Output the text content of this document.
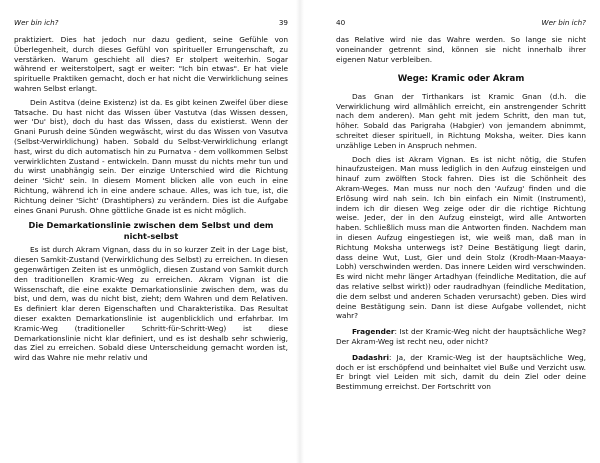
Wer bin ich?	39

praktiziert. Dies hat jedoch nur dazu gedient, seine Gefühle von Überlegenheit, durch dieses Gefühl von spiritueller Errungenschaft, zu verstärken. Warum geschieht all dies? Er stolpert weiterhin. Sogar während er weiterstolpert, sagt er weiter: "Ich bin etwas". Er hat viele spirituelle Praktiken gemacht, doch er hat nicht die Verwirklichung seines wahren Selbst erlangt.

Dein Astitva (deine Existenz) ist da. Es gibt keinen Zweifel über diese Tatsache. Du hast nicht das Wissen über Vastutva (das Wissen dessen, wer 'Du' bist), doch du hast das Wissen, dass du existierst. Wenn der Gnani Purush deine Sünden wegwäscht, wirst du das Wissen von Vasutva (Selbst-Verwirklichung) haben. Sobald du Selbst-Verwirklichung erlangt hast, wirst du dich automatisch hin zu Purnatva - dem vollkommen Selbst verwirklichten Zustand - entwickeln. Dann musst du nichts mehr tun und du wirst unabhängig sein. Der einzige Unterschied wird die Richtung deiner 'Sicht' sein. In diesem Moment blicken alle von euch in eine Richtung, während ich in eine andere schaue. Alles, was ich tue, ist, die Richtung deiner 'Sicht' (Drashtiphers) zu verändern. Dies ist die Aufgabe eines Gnani Purush. Ohne göttliche Gnade ist es nicht möglich.

Die Demarkationslinie zwischen dem Selbst und dem nicht-selbst

Es ist durch Akram Vignan, dass du in so kurzer Zeit in der Lage bist, diesen Samkit-Zustand (Verwirklichung des Selbst) zu erreichen. In diesen gegenwärtigen Zeiten ist es unmöglich, diesen Zustand von Samkit durch den traditionellen Kramic-Weg zu erreichen. Akram Vignan ist die Wissenschaft, die eine exakte Demarkationslinie zwischen dem, was du bist, und dem, was du nicht bist, zieht; dem Wahren und dem Relativen. Es definiert klar deren Eigenschaften und Charakteristika. Das Resultat dieser exakten Demarkationslinie ist augenblicklich und erfahrbar. Im Kramic-Weg (traditioneller Schritt-für-Schritt-Weg) ist diese Demarkationslinie nicht klar definiert, und es ist deshalb sehr schwierig, das Ziel zu erreichen. Sobald diese Unterscheidung gemacht worden ist, wird das Wahre nie mehr relativ und

40	Wer bin ich?

das Relative wird nie das Wahre werden. So lange sie nicht voneinander getrennt sind, können sie nicht innerhalb ihrer eigenen Natur verbleiben.

Wege: Kramic oder Akram

Das Gnan der Tirthankars ist Kramic Gnan (d.h. die Verwirklichung wird allmählich erreicht, ein anstrengender Schritt nach dem anderen). Man geht mit jedem Schritt, den man tut, höher. Sobald das Parigraha (Habgier) von jemandem abnimmt, schreitet dieser spirituell, in Richtung Moksha, weiter. Dies kann unzählige Leben in Anspruch nehmen.

Doch dies ist Akram Vignan. Es ist nicht nötig, die Stufen hinaufzusteigen. Man muss lediglich in den Aufzug einsteigen und hinauf zum zwölften Stock fahren. Dies ist die Schönheit des Akram-Weges. Man muss nur noch den 'Aufzug' finden und die Erlösung wird nah sein. Ich bin einfach ein Nimit (Instrument), indem ich dir diesen Weg zeige oder dir die richtige Richtung weise. Jeder, der in den Aufzug einsteigt, wird alle Antworten haben. Schließlich muss man die Antworten finden. Nachdem man in diesen Aufzug eingestiegen ist, wie weiß man, daß man in Richtung Moksha unterwegs ist? Deine Bestätigung liegt darin, dass deine Wut, Lust, Gier und dein Stolz (Krodh-Maan-Maaya-Lobh) verschwinden werden. Das innere Leiden wird verschwinden. Es wird nicht mehr länger Artadhyan (feindliche Meditation, die auf das relative selbst wirkt)) oder raudradhyan (feindliche Meditation, die dem selbst und anderen Schaden verursacht) geben. Dies wird deine Bestätigung sein. Dann ist diese Aufgabe vollendet, nicht wahr?

Fragender: Ist der Kramic-Weg nicht der hauptsächliche Weg? Der Akram-Weg ist recht neu, oder nicht?

Dadashri: Ja, der Kramic-Weg ist der hauptsächliche Weg, doch er ist erschöpfend und beinhaltet viel Buße und Verzicht usw. Er bringt viel Leiden mit sich, damit du dein Ziel oder deine Bestimmung erreichst. Der Fortschritt von
